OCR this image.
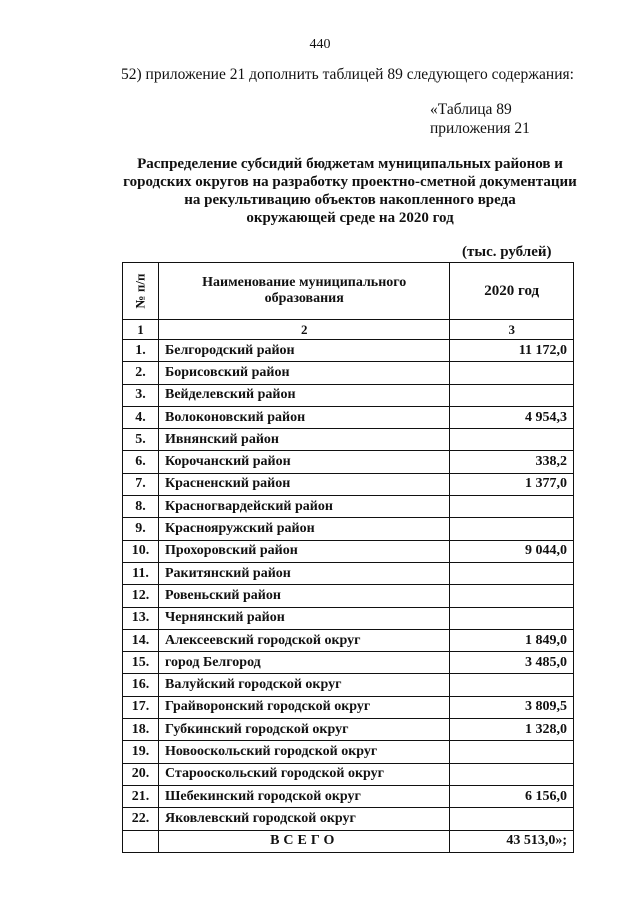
440
52) приложение 21 дополнить таблицей 89 следующего содержания:
«Таблица 89
приложения 21
Распределение субсидий бюджетам муниципальных районов и
городских округов на разработку проектно-сметной документации
на рекультивацию объектов накопленного вреда
окружающей среде на 2020 год
(тыс. рублей)
№ п/п	Наименование муниципального образования	2020 год
1	2	3
1.	Белгородский район	11 172,0
2.	Борисовский район	
3.	Вейделевский район	
4.	Волоконовский район	4 954,3
5.	Ивнянский район	
6.	Корочанский район	338,2
7.	Красненский район	1 377,0
8.	Красногвардейский район	
9.	Краснояружский район	
10.	Прохоровский район	9 044,0
11.	Ракитянский район	
12.	Ровеньский район	
13.	Чернянский район	
14.	Алексеевский городской округ	1 849,0
15.	город Белгород	3 485,0
16.	Валуйский городской округ	
17.	Грайворонский городской округ	3 809,5
18.	Губкинский городской округ	1 328,0
19.	Новооскольский городской округ	
20.	Старооскольский городской округ	
21.	Шебекинский городской округ	6 156,0
22.	Яковлевский городской округ	
	ВСЕГО	43 513,0»;
